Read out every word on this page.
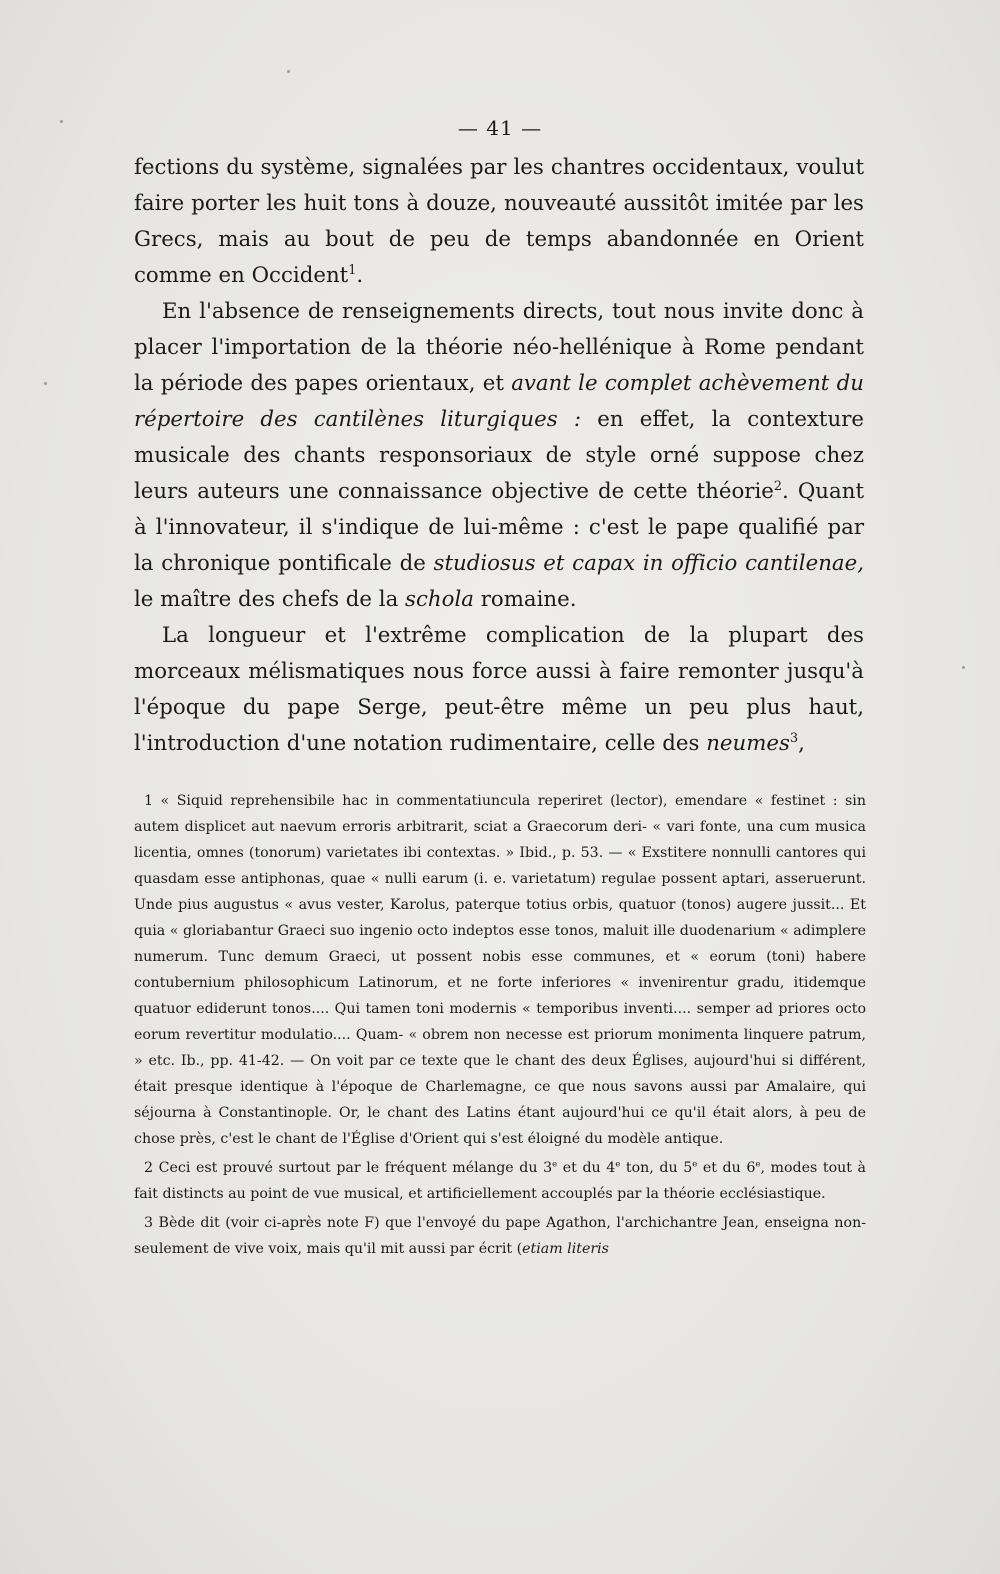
— 41 —

fections du système, signalées par les chantres occidentaux, voulut faire porter les huit tons à douze, nouveauté aussitôt imitée par les Grecs, mais au bout de peu de temps abandonnée en Orient comme en Occident$^1$.

En l'absence de renseignements directs, tout nous invite donc à placer l'importation de la théorie néo-hellénique à Rome pendant la période des papes orientaux, et avant le complet achèvement du répertoire des cantilènes liturgiques : en effet, la contexture musicale des chants responsoriaux de style orné suppose chez leurs auteurs une connaissance objective de cette théorie$^2$. Quant à l'innovateur, il s'indique de lui-même : c'est le pape qualifié par la chronique pontificale de studiosus et capax in officio cantilenae, le maître des chefs de la schola romaine.

La longueur et l'extrême complication de la plupart des morceaux mélismatiques nous force aussi à faire remonter jusqu'à l'époque du pape Serge, peut-être même un peu plus haut, l'introduction d'une notation rudimentaire, celle des neumes$^3$,

1 « Siquid reprehensibile hac in commentatiuncula reperiret (lector), emendare « festinet : sin autem displicet aut naevum erroris arbitrarit, sciat a Graecorum deri- « vari fonte, una cum musica licentia, omnes (tonorum) varietates ibi contextas. » Ibid., p. 53. — « Exstitere nonnulli cantores qui quasdam esse antiphonas, quae « nulli earum (i. e. varietatum) regulae possent aptari, asseruerunt. Unde pius augustus « avus vester, Karolus, paterque totius orbis, quatuor (tonos) augere jussit... Et quia « gloriabantur Graeci suo ingenio octo indeptos esse tonos, maluit ille duodenarium « adimplere numerum. Tunc demum Graeci, ut possent nobis esse communes, et « eorum (toni) habere contubernium philosophicum Latinorum, et ne forte inferiores « invenirentur gradu, itidemque quatuor ediderunt tonos.... Qui tamen toni modernis « temporibus inventi.... semper ad priores octo eorum revertitur modulatio.... Quam- « obrem non necesse est priorum monimenta linquere patrum, » etc. Ib., pp. 41-42. — On voit par ce texte que le chant des deux Églises, aujourd'hui si différent, était presque identique à l'époque de Charlemagne, ce que nous savons aussi par Amalaire, qui séjourna à Constantinople. Or, le chant des Latins étant aujourd'hui ce qu'il était alors, à peu de chose près, c'est le chant de l'Église d'Orient qui s'est éloigné du modèle antique.

2 Ceci est prouvé surtout par le fréquent mélange du 3e et du 4e ton, du 5e et du 6e, modes tout à fait distincts au point de vue musical, et artificiellement accouplés par la théorie ecclésiastique.

3 Bède dit (voir ci-après note F) que l'envoyé du pape Agathon, l'archichantre Jean, enseigna non-seulement de vive voix, mais qu'il mit aussi par écrit (etiam literis
